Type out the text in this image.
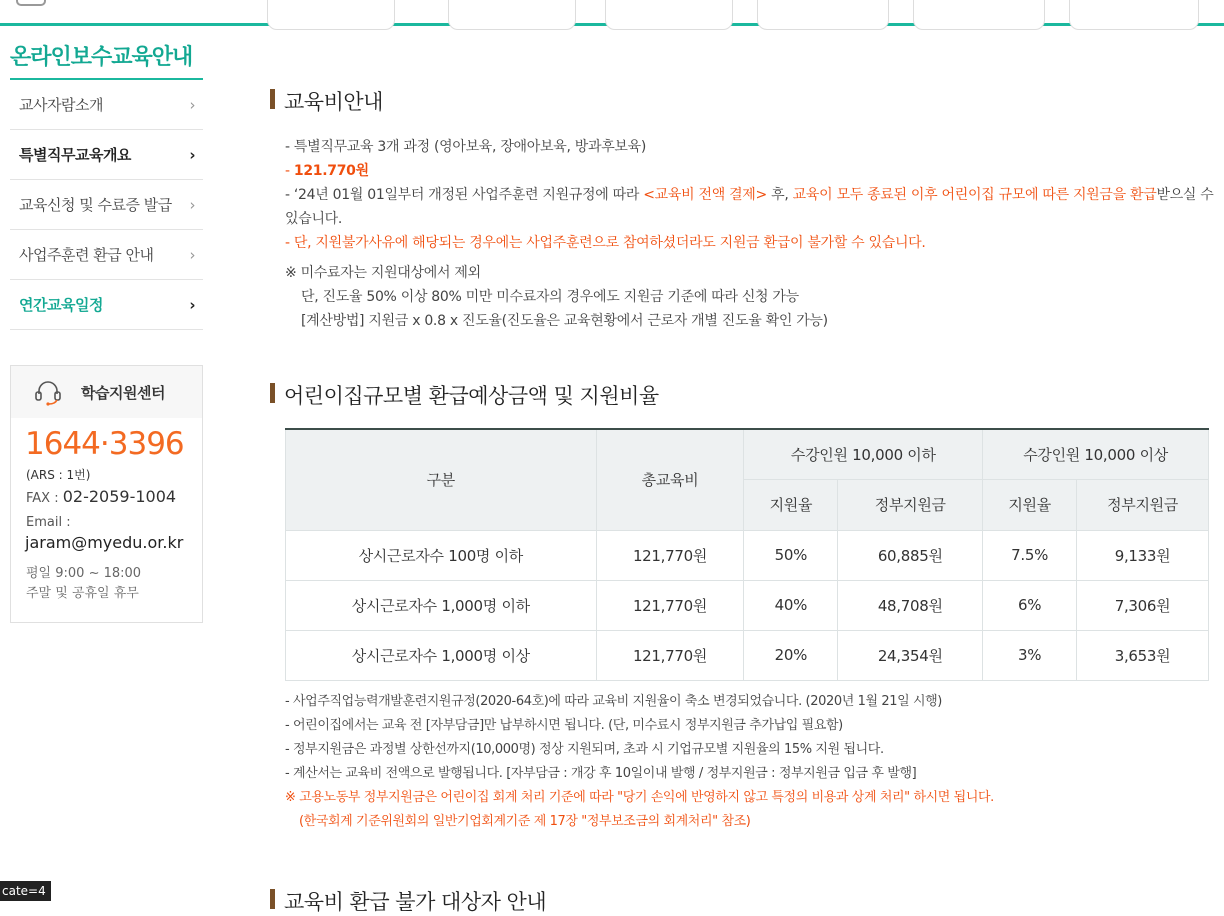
온라인보수교육안내
교사자람소개	›
특별직무교육개요	›
교육신청 및 수료증 발급 ›
사업주훈련 환급 안내 ›
연간교육일정	›
학습지원센터
1644·3396
(ARS : 1번)
FAX : 02-2059-1004
Email :
jaram@myedu.or.kr
평일 9:00 ~ 18:00
주말 및 공휴일 휴무
교육비안내
- 특별직무교육 3개 과정 (영아보육, 장애아보육, 방과후보육)
- 121.770원
- ‘24년 01월 01일부터 개정된 사업주훈련 지원규정에 따라 <교육비 전액 결제> 후, 교육이 모두 종료된 이후 어린이집 규모에 따른 지원금을 환급받으실 수 있습니다.
- 단, 지원불가사유에 해당되는 경우에는 사업주훈련으로 참여하셨더라도 지원금 환급이 불가할 수 있습니다.
※ 미수료자는 지원대상에서 제외
단, 진도율 50% 이상 80% 미만 미수료자의 경우에도 지원금 기준에 따라 신청 가능
[계산방법] 지원금 x 0.8 x 진도율(진도율은 교육현황에서 근로자 개별 진도율 확인 가능)
어린이집규모별 환급예상금액 및 지원비율
구분	총교육비	수강인원 10,000 이하		수강인원 10,000 이상	
		지원율	정부지원금	지원율	정부지원금
상시근로자수 100명 이하	121,770원	50%	60,885원	7.5%	9,133원
상시근로자수 1,000명 이하	121,770원	40%	48,708원	6%	7,306원
상시근로자수 1,000명 이상	121,770원	20%	24,354원	3%	3,653원
- 사업주직업능력개발훈련지원규정(2020-64호)에 따라 교육비 지원율이 축소 변경되었습니다. (2020년 1월 21일 시행)
- 어린이집에서는 교육 전 [자부담금]만 납부하시면 됩니다. (단, 미수료시 정부지원금 추가납입 필요함)
- 정부지원금은 과정별 상한선까지(10,000명) 정상 지원되며, 초과 시 기업규모별 지원율의 15% 지원 됩니다.
- 계산서는 교육비 전액으로 발행됩니다. [자부담금 : 개강 후 10일이내 발행 / 정부지원금 : 정부지원금 입금 후 발행]
※ 고용노동부 정부지원금은 어린이집 회계 처리 기준에 따라 "당기 손익에 반영하지 않고 특정의 비용과 상계 처리" 하시면 됩니다.
(한국회계 기준위원회의 일반기업회계기준 제 17장 "정부보조금의 회계처리" 참조)
교육비 환급 불가 대상자 안내
cate=4
